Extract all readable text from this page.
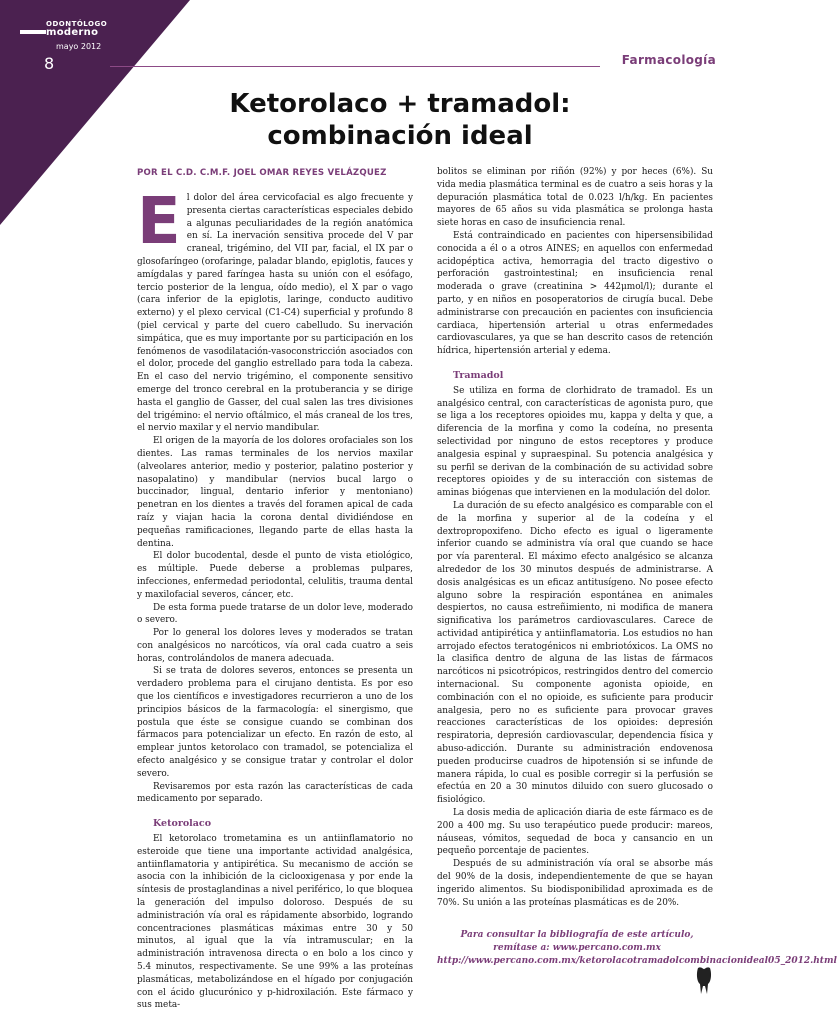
ODONTÓLOGO
moderno
mayo 2012
8	Farmacología
Ketorolaco + tramadol: combinación ideal
POR EL C.D. C.M.F. JOEL OMAR REYES VELÁZQUEZ
E l dolor del área cervicofacial es algo frecuente y presenta ciertas características especiales debido a algunas peculiaridades de la región anatómica en sí. La inervación sensitiva procede del V par craneal, trigémino, del VII par, facial, el IX par o glosofaríngeo (orofaringe, paladar blando, epiglotis, fauces y amígdalas y pared faríngea hasta su unión con el esófago, tercio posterior de la lengua, oído medio), el X par o vago (cara inferior de la epiglotis, laringe, conducto auditivo externo) y el plexo cervical (C1-C4) superficial y profundo 8 (piel cervical y parte del cuero cabelludo. Su inervación simpática, que es muy importante por su participación en los fenómenos de vasodilatación-vasoconstricción asociados con el dolor, procede del ganglio estrellado para toda la cabeza. En el caso del nervio trigémino, el componente sensitivo emerge del tronco cerebral en la protuberancia y se dirige hasta el ganglio de Gasser, del cual salen las tres divisiones del trigémino: el nervio oftálmico, el más craneal de los tres, el nervio maxilar y el nervio mandibular.

El origen de la mayoría de los dolores orofaciales son los dientes. Las ramas terminales de los nervios maxilar (alveolares anterior, medio y posterior, palatino posterior y nasopalatino) y mandibular (nervios bucal largo o buccinador, lingual, dentario inferior y mentoniano) penetran en los dientes a través del foramen apical de cada raíz y viajan hacia la corona dental dividiéndose en pequeñas ramificaciones, llegando parte de ellas hasta la dentina.

El dolor bucodental, desde el punto de vista etiológico, es múltiple. Puede deberse a problemas pulpares, infecciones, enfermedad periodontal, celulitis, trauma dental y maxilofacial severos, cáncer, etc.

De esta forma puede tratarse de un dolor leve, moderado o severo.

Por lo general los dolores leves y moderados se tratan con analgésicos no narcóticos, vía oral cada cuatro a seis horas, controlándolos de manera adecuada.

Si se trata de dolores severos, entonces se presenta un verdadero problema para el cirujano dentista. Es por eso que los científicos e investigadores recurrieron a uno de los principios básicos de la farmacología: el sinergismo, que postula que éste se consigue cuando se combinan dos fármacos para potencializar un efecto. En razón de esto, al emplear juntos ketorolaco con tramadol, se potencializa el efecto analgésico y se consigue tratar y controlar el dolor severo.

Revisaremos por esta razón las características de cada medicamento por separado.

Ketorolaco

El ketorolaco trometamina es un antiinflamatorio no esteroide que tiene una importante actividad analgésica, antiinflamatoria y antipirética. Su mecanismo de acción se asocia con la inhibición de la ciclooxigenasa y por ende la síntesis de prostaglandinas a nivel periférico, lo que bloquea la generación del impulso doloroso. Después de su administración vía oral es rápidamente absorbido, logrando concentraciones plasmáticas máximas entre 30 y 50 minutos, al igual que la vía intramuscular; en la administración intravenosa directa o en bolo a los cinco y 5.4 minutos, respectivamente. Se une 99% a las proteínas plasmáticas, metabolizándose en el hígado por conjugación con el ácido glucurónico y p-hidroxilación. Este fármaco y sus meta-

bolitos se eliminan por riñón (92%) y por heces (6%). Su vida media plasmática terminal es de cuatro a seis horas y la depuración plasmática total de 0.023 l/h/kg. En pacientes mayores de 65 años su vida plasmática se prolonga hasta siete horas en caso de insuficiencia renal.

Está contraindicado en pacientes con hipersensibilidad conocida a él o a otros AINES; en aquellos con enfermedad acidopéptica activa, hemorragia del tracto digestivo o perforación gastrointestinal; en insuficiencia renal moderada o grave (creatinina > 442μmol/l); durante el parto, y en niños en posoperatorios de cirugía bucal. Debe administrarse con precaución en pacientes con insuficiencia cardiaca, hipertensión arterial u otras enfermedades cardiovasculares, ya que se han descrito casos de retención hídrica, hipertensión arterial y edema.

Tramadol

Se utiliza en forma de clorhidrato de tramadol. Es un analgésico central, con características de agonista puro, que se liga a los receptores opioides mu, kappa y delta y que, a diferencia de la morfina y como la codeína, no presenta selectividad por ninguno de estos receptores y produce analgesia espinal y supraespinal. Su potencia analgésica y su perfil se derivan de la combinación de su actividad sobre receptores opioides y de su interacción con sistemas de aminas biógenas que intervienen en la modulación del dolor.

La duración de su efecto analgésico es comparable con el de la morfina y superior al de la codeína y el dextropropoxifeno. Dicho efecto es igual o ligeramente inferior cuando se administra vía oral que cuando se hace por vía parenteral. El máximo efecto analgésico se alcanza alrededor de los 30 minutos después de administrarse. A dosis analgésicas es un eficaz antitusígeno. No posee efecto alguno sobre la respiración espontánea en animales despiertos, no causa estreñimiento, ni modifica de manera significativa los parámetros cardiovasculares. Carece de actividad antipirética y antiinflamatoria. Los estudios no han arrojado efectos teratogénicos ni embriotóxicos. La OMS no la clasifica dentro de alguna de las listas de fármacos narcóticos ni psicotrópicos, restringidos dentro del comercio internacional. Su componente agonista opioide, en combinación con el no opioide, es suficiente para producir analgesia, pero no es suficiente para provocar graves reacciones características de los opioides: depresión respiratoria, depresión cardiovascular, dependencia física y abuso-adicción. Durante su administración endovenosa pueden producirse cuadros de hipotensión si se infunde de manera rápida, lo cual es posible corregir si la perfusión se efectúa en 20 a 30 minutos diluido con suero glucosado o fisiológico.

La dosis media de aplicación diaria de este fármaco es de 200 a 400 mg. Su uso terapéutico puede producir: mareos, náuseas, vómitos, sequedad de boca y cansancio en un pequeño porcentaje de pacientes.

Después de su administración vía oral se absorbe más del 90% de la dosis, independientemente de que se hayan ingerido alimentos. Su biodisponibilidad aproximada es de 70%. Su unión a las proteínas plasmáticas es de 20%.

Para consultar la bibliografía de este artículo, remítase a: www.percano.com.mx http://www.percano.com.mx/ketorolacotramadolcombinacionideal05_2012.html
